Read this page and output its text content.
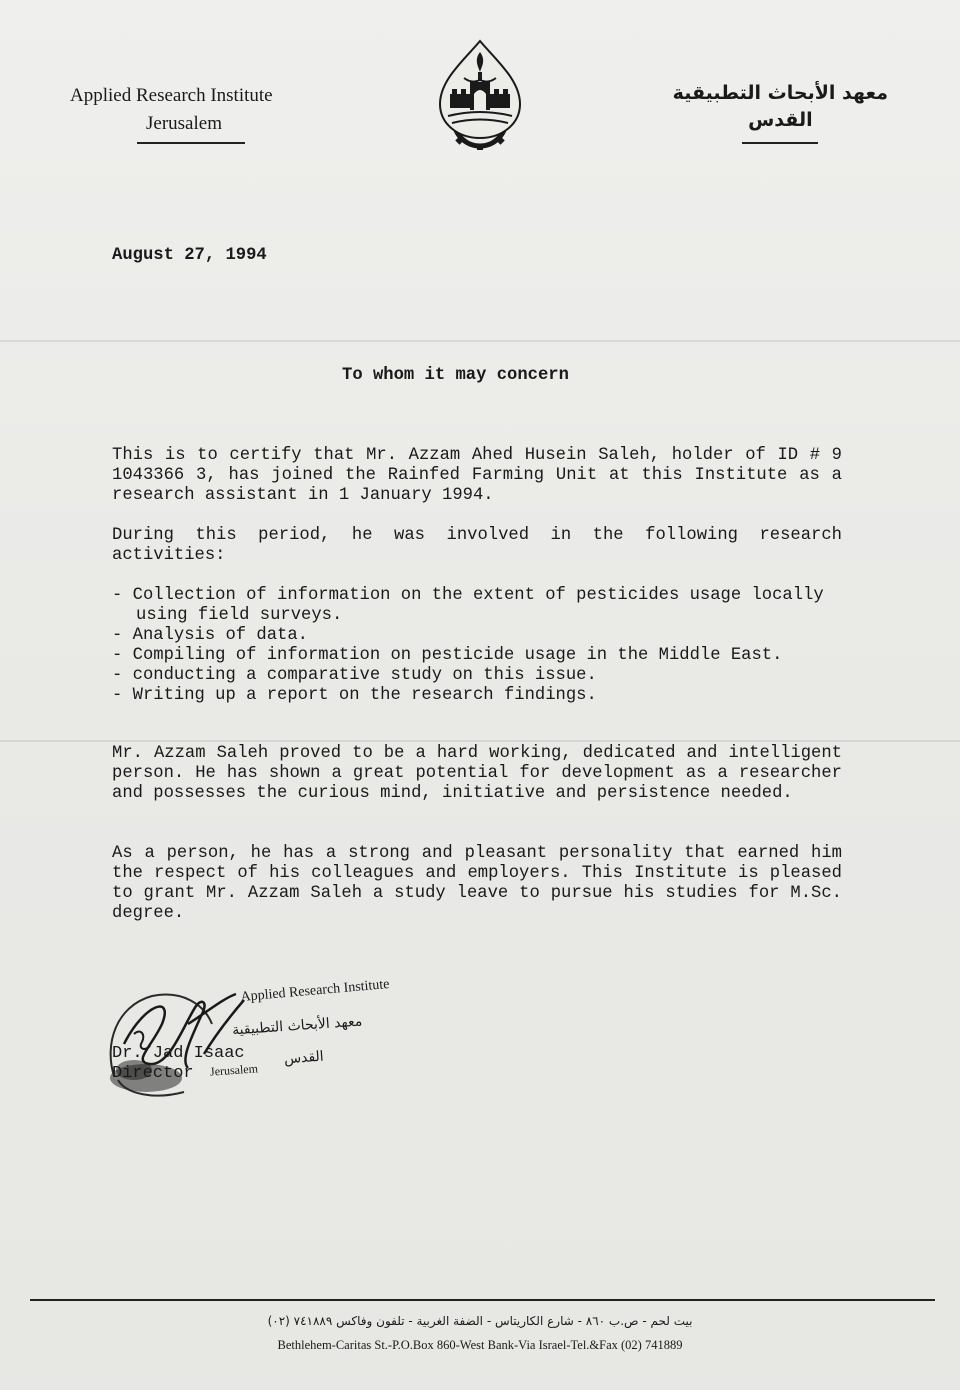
Applied Research Institute
Jerusalem
معهد الأبحاث التطبيقية
القدس
August 27, 1994
To whom it may concern
This is to certify that Mr. Azzam Ahed Husein Saleh, holder of ID # 9 1043366 3, has joined the Rainfed Farming Unit at this Institute as a research assistant in 1 January 1994.
During this period, he was involved in the following research activities:
- Collection of information on the extent of pesticides usage locally using field surveys.
- Analysis of data.
- Compiling of information on pesticide usage in the Middle East.
- conducting a comparative study on this issue.
- Writing up a report on the research findings.
Mr. Azzam Saleh proved to be a hard working, dedicated and intelligent person. He has shown a great potential for development as a researcher and possesses the curious mind, initiative and persistence needed.
As a person, he has a strong and pleasant personality that earned him the respect of his colleagues and employers. This Institute is pleased to grant Mr. Azzam Saleh a study leave to pursue his studies for M.Sc. degree.
Dr. Jad Isaac
Director
Applied Research Institute
معهد الأبحاث التطبيقية
القدس
Jerusalem
بيت لحم - ص.ب ٨٦٠ - شارع الكاريتاس - الضفة الغربية - تلفون وفاكس ٧٤١٨٨٩ (٠٢)
Bethlehem-Caritas St.-P.O.Box 860-West Bank-Via Israel-Tel.&Fax (02) 741889
